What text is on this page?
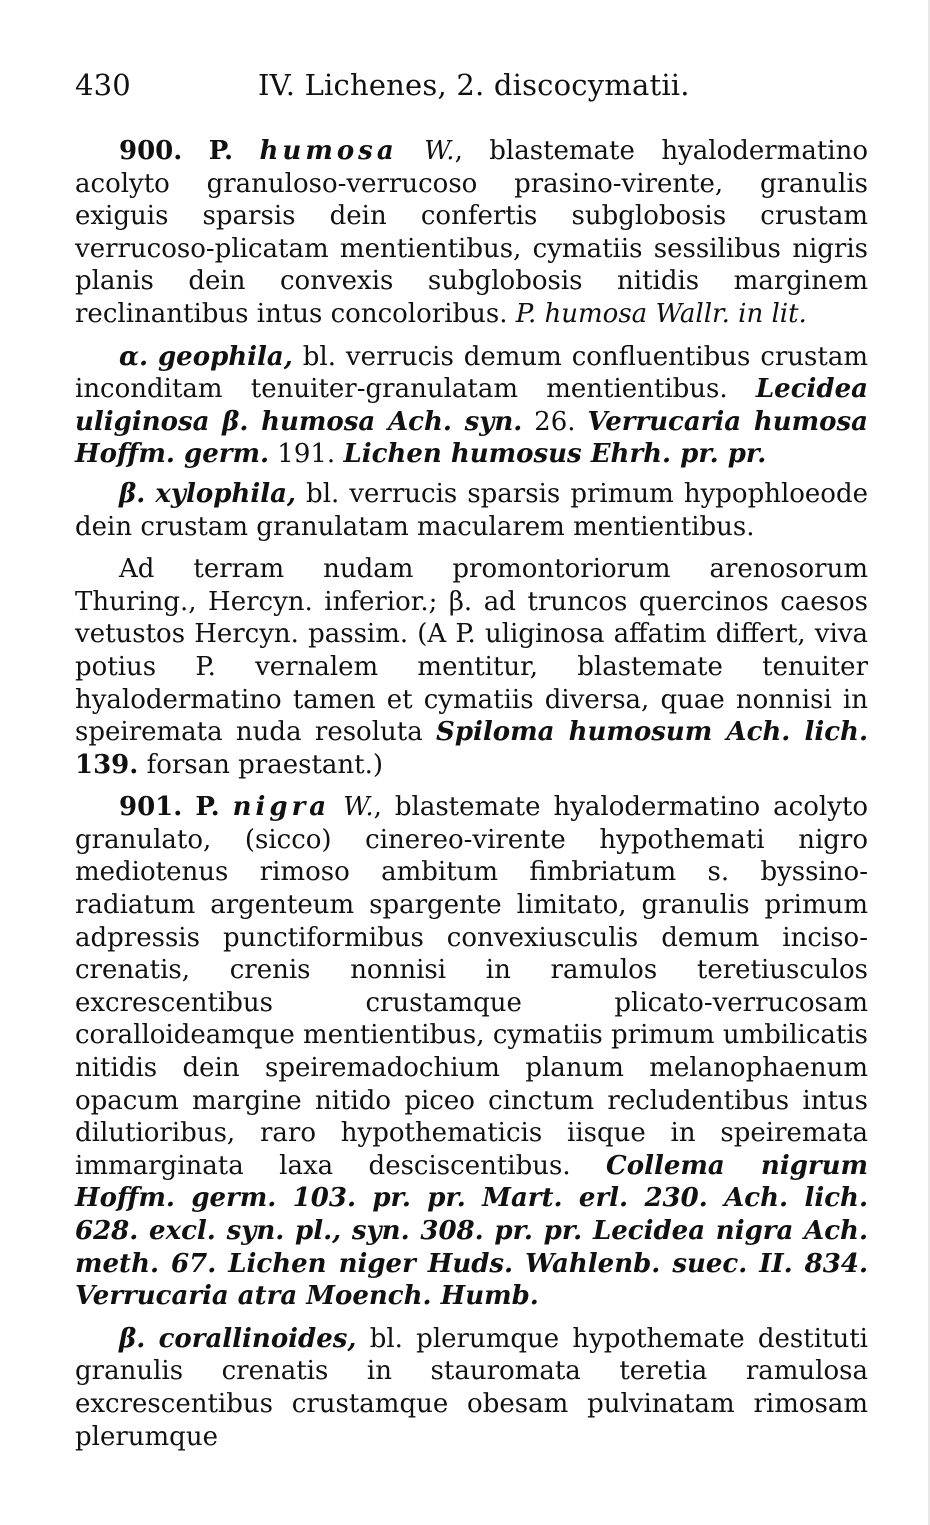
430	IV. Lichenes, 2. discocymatii.

900. P. humosa W., blastemate hyalodermatino acolyto granuloso-verrucoso prasino-virente, granulis exiguis sparsis dein confertis subglobosis crustam verrucoso-plicatam mentientibus, cymatiis sessilibus nigris planis dein convexis subglobosis nitidis marginem reclinantibus intus concoloribus. P. humosa Wallr. in lit.

α. geophila, bl. verrucis demum confluentibus crustam inconditam tenuiter-granulatam mentientibus. Lecidea uliginosa β. humosa Ach. syn. 26. Verrucaria humosa Hoffm. germ. 191. Lichen humosus Ehrh. pr. pr.

β. xylophila, bl. verrucis sparsis primum hypophloeode dein crustam granulatam macularem mentientibus.

Ad terram nudam promontoriorum arenosorum Thuring., Hercyn. inferior.; β. ad truncos quercinos caesos vetustos Hercyn. passim. (A P. uliginosa affatim differt, viva potius P. vernalem mentitur, blastemate tenuiter hyalodermatino tamen et cymatiis diversa, quae nonnisi in speiremata nuda resoluta Spiloma humosum Ach. lich. 139. forsan praestant.)

901. P. nigra W., blastemate hyalodermatino acolyto granulato, (sicco) cinereo-virente hypothemati nigro mediotenus rimoso ambitum fimbriatum s. byssino-radiatum argenteum spargente limitato, granulis primum adpressis punctiformibus convexiusculis demum inciso-crenatis, crenis nonnisi in ramulos teretiusculos excrescentibus crustamque plicato-verrucosam coralloideamque mentientibus, cymatiis primum umbilicatis nitidis dein speiremadochium planum melanophaenum opacum margine nitido piceo cinctum recludentibus intus dilutioribus, raro hypothematicis iisque in speiremata immarginata laxa desciscentibus. Collema nigrum Hoffm. germ. 103. pr. pr. Mart. erl. 230. Ach. lich. 628. excl. syn. pl., syn. 308. pr. pr. Lecidea nigra Ach. meth. 67. Lichen niger Huds. Wahlenb. suec. II. 834. Verrucaria atra Moench. Humb.

β. corallinoides, bl. plerumque hypothemate destituti granulis crenatis in stauromata teretia ramulosa excrescentibus crustamque obesam pulvinatam rimosam plerumque
